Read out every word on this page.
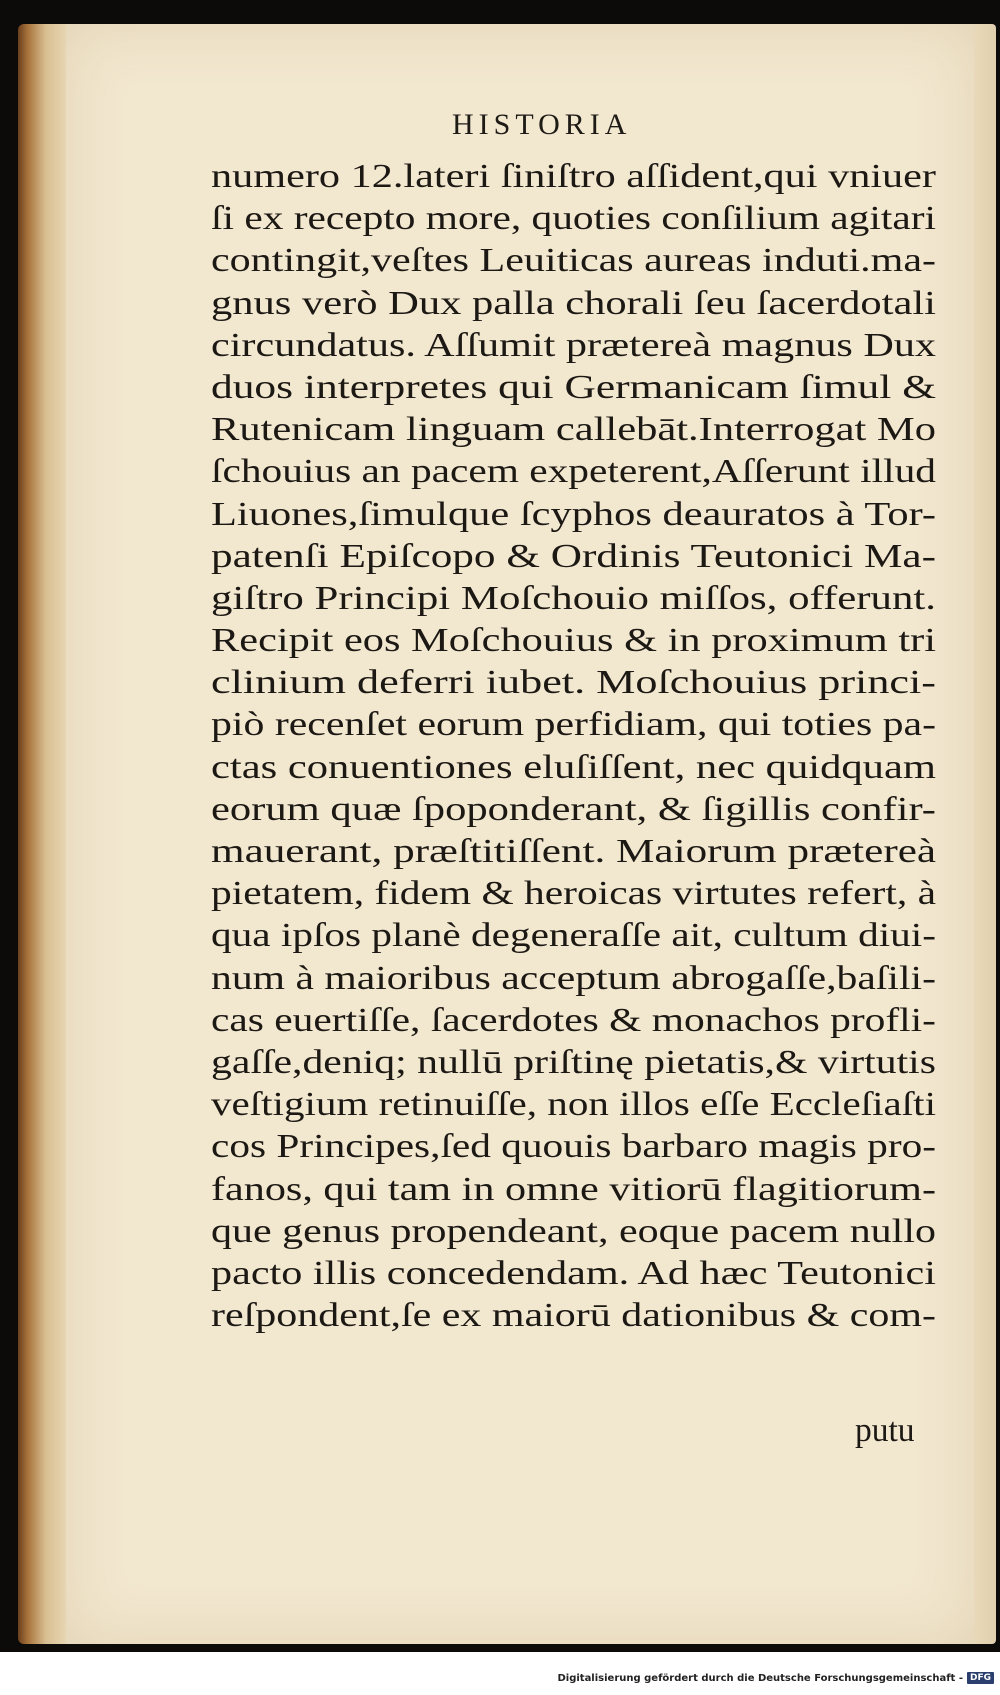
HISTORIA
numero 12.lateri ſiniſtro aſſident,qui vniuer
ſi ex recepto more, quoties conſilium agitari
contingit,veſtes Leuiticas aureas induti.ma-
gnus verò Dux palla chorali ſeu ſacerdotali
circundatus. Aſſumit prætereà magnus Dux
duos interpretes qui Germanicam ſimul &
Rutenicam linguam callebāt.Interrogat Mo
ſchouius an pacem expeterent,Aſſerunt illud
Liuones,ſimulque ſcyphos deauratos à Tor-
patenſi Epiſcopo & Ordinis Teutonici Ma-
giſtro Principi Moſchouio miſſos, offerunt.
Recipit eos Moſchouius & in proximum tri
clinium deferri iubet. Moſchouius princi-
piò recenſet eorum perfidiam, qui toties pa-
ctas conuentiones eluſiſſent, nec quidquam
eorum quæ ſpoponderant, & ſigillis confir-
mauerant, præſtitiſſent. Maiorum prætereà
pietatem, fidem & heroicas virtutes refert, à
qua ipſos planè degeneraſſe ait, cultum diui-
num à maioribus acceptum abrogaſſe,baſili-
cas euertiſſe, ſacerdotes & monachos profli-
gaſſe,deniq; nullū priſtinę pietatis,& virtutis
veſtigium retinuiſſe, non illos eſſe Eccleſiaſti
cos Principes,ſed quouis barbaro magis pro-
fanos, qui tam in omne vitiorū flagitiorum-
que genus propendeant, eoque pacem nullo
pacto illis concedendam. Ad hæc Teutonici
reſpondent,ſe ex maiorū dationibus & com-
putu
Digitalisierung gefördert durch die Deutsche Forschungsgemeinschaft - DFG
